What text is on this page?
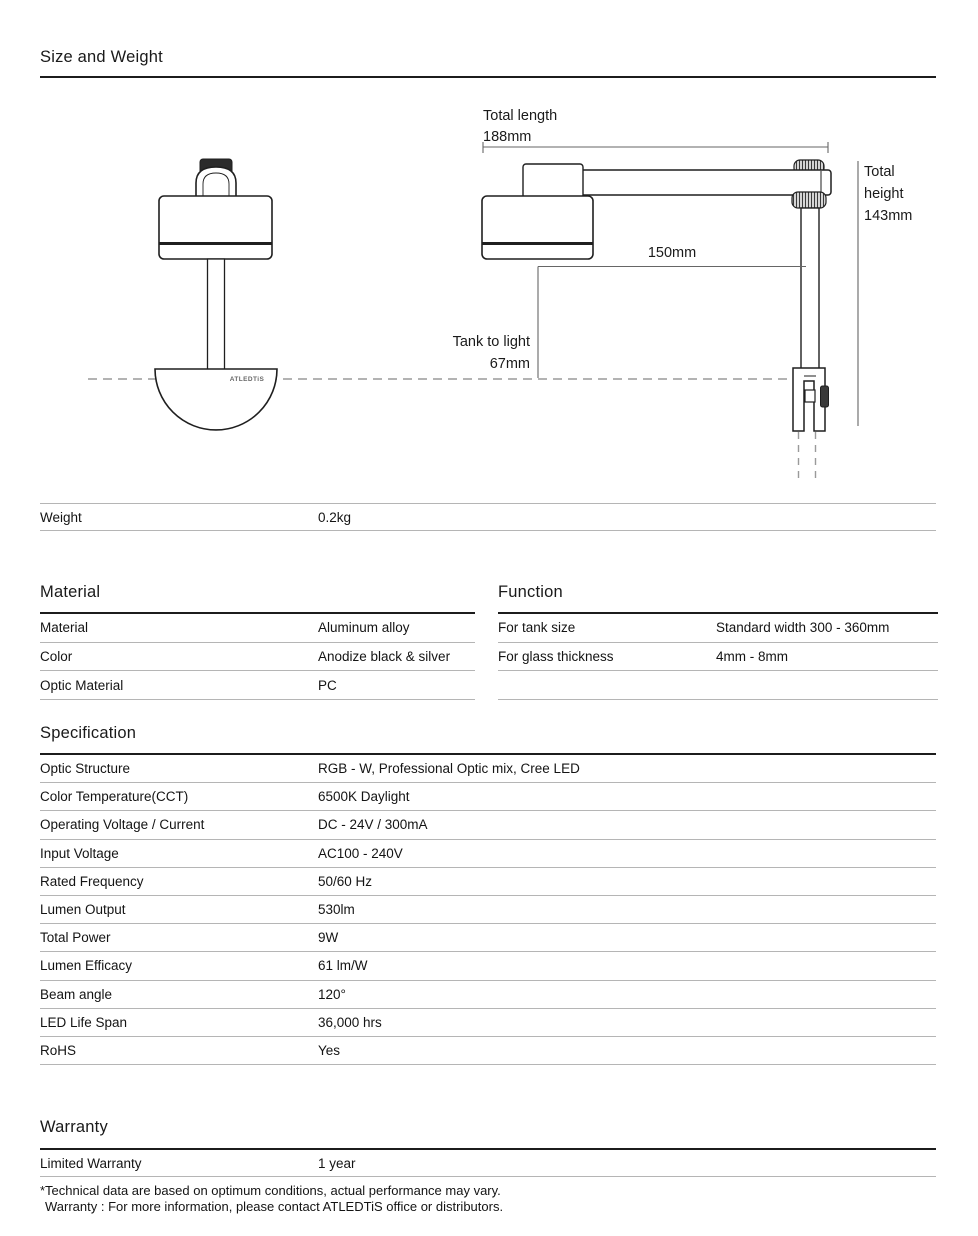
Size and Weight
ATLEDTiS
Total length
188mm
Total
height
143mm
150mm
Tank to light
67mm
Weight	0.2kg
Material
Material	Aluminum alloy
Color	Anodize black & silver
Optic Material	PC
Function
For tank size	Standard width 300 - 360mm
For glass thickness	4mm - 8mm
Specification
Optic Structure	RGB - W, Professional Optic mix, Cree LED
Color Temperature(CCT)	6500K Daylight
Operating Voltage / Current	DC - 24V / 300mA
Input Voltage	AC100 - 240V
Rated Frequency	50/60 Hz
Lumen Output	530lm
Total Power	9W
Lumen Efficacy	61 lm/W
Beam angle	120°
LED Life Span	36,000 hrs
RoHS	Yes
Warranty
Limited Warranty	1 year
*Technical data are based on optimum conditions, actual performance may vary.
Warranty : For more information, please contact ATLEDTiS office or distributors.
